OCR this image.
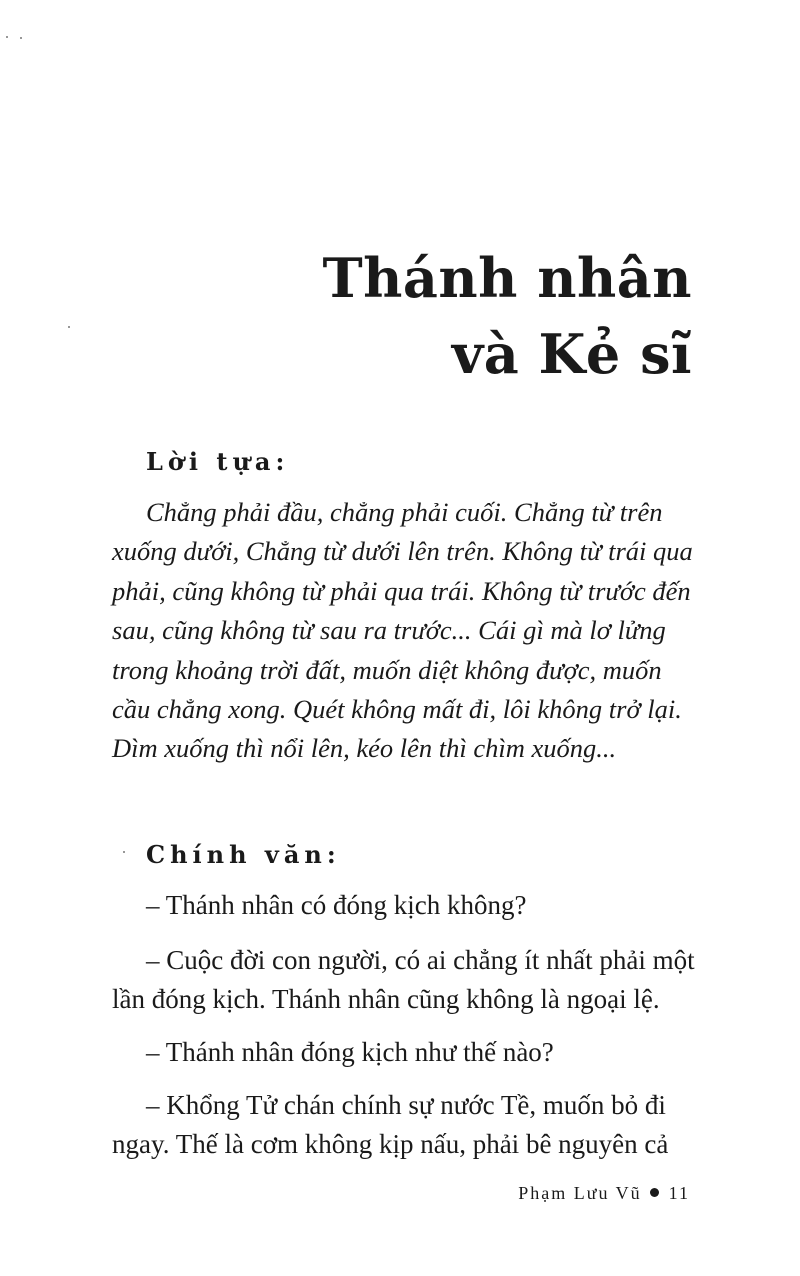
Thánh nhân
và Kẻ sĩ
Lời tựa:

Chẳng phải đầu, chẳng phải cuối. Chẳng từ trên xuống dưới, Chẳng từ dưới lên trên. Không từ trái qua phải, cũng không từ phải qua trái. Không từ trước đến sau, cũng không từ sau ra trước... Cái gì mà lơ lửng trong khoảng trời đất, muốn diệt không được, muốn cầu chẳng xong. Quét không mất đi, lôi không trở lại. Dìm xuống thì nổi lên, kéo lên thì chìm xuống...

Chính văn:

– Thánh nhân có đóng kịch không?

– Cuộc đời con người, có ai chẳng ít nhất phải một lần đóng kịch. Thánh nhân cũng không là ngoại lệ.

– Thánh nhân đóng kịch như thế nào?

– Khổng Tử chán chính sự nước Tề, muốn bỏ đi ngay. Thế là cơm không kịp nấu, phải bê nguyên cả

Phạm Lưu Vũ 11
